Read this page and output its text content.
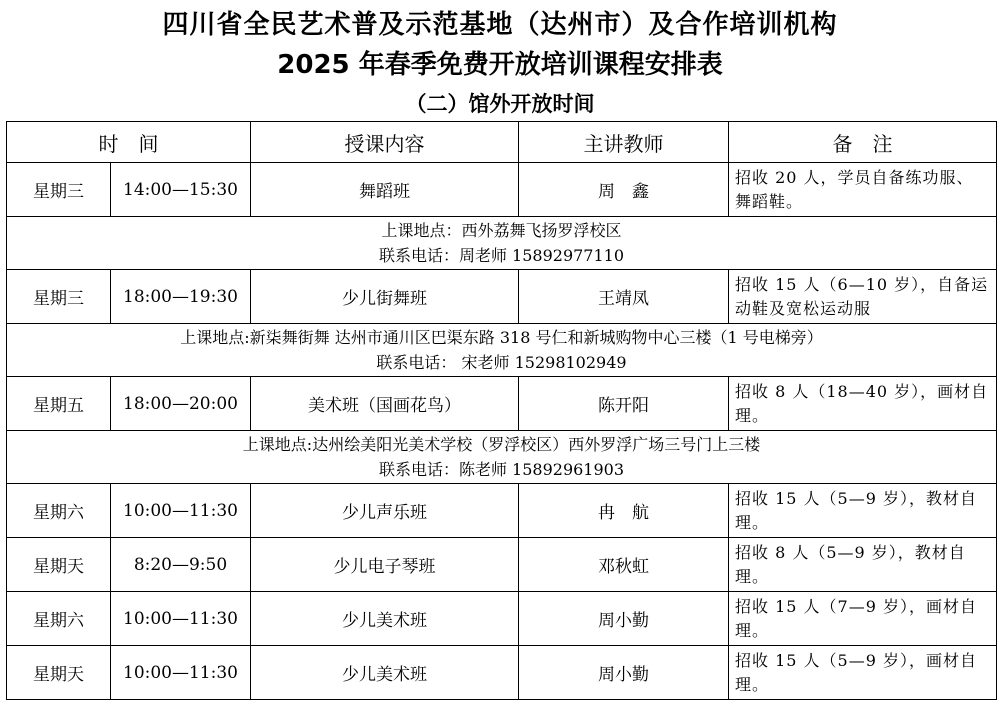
四川省全民艺术普及示范基地（达州市）及合作培训机构
2025 年春季免费开放培训课程安排表
（二）馆外开放时间
时　间		授课内容	主讲教师	备　注
星期三	14:00—15:30	舞蹈班	周　鑫	招收 20 人，学员自备练功服、舞蹈鞋。

上课地点：西外荔舞飞扬罗浮校区
联系电话：周老师 15892977110				

星期三	18:00—19:30	少儿街舞班	王靖凤	招收 15 人（6—10 岁），自备运动鞋及宽松运动服

上课地点:新柒舞街舞 达州市通川区巴渠东路 318 号仁和新城购物中心三楼（1 号电梯旁）
联系电话： 宋老师 15298102949				

星期五	18:00—20:00	美术班（国画花鸟）	陈开阳	招收 8 人（18—40 岁），画材自理。

上课地点:达州绘美阳光美术学校（罗浮校区）西外罗浮广场三号门上三楼
联系电话：陈老师 15892961903				

星期六	10:00—11:30	少儿声乐班	冉　航	招收 15 人（5—9 岁），教材自理。
星期天	8:20—9:50	少儿电子琴班	邓秋虹	招收 8 人（5—9 岁），教材自理。
星期六	10:00—11:30	少儿美术班	周小勤	招收 15 人（7—9 岁），画材自理。
星期天	10:00—11:30	少儿美术班	周小勤	招收 15 人（5—9 岁），画材自理。
